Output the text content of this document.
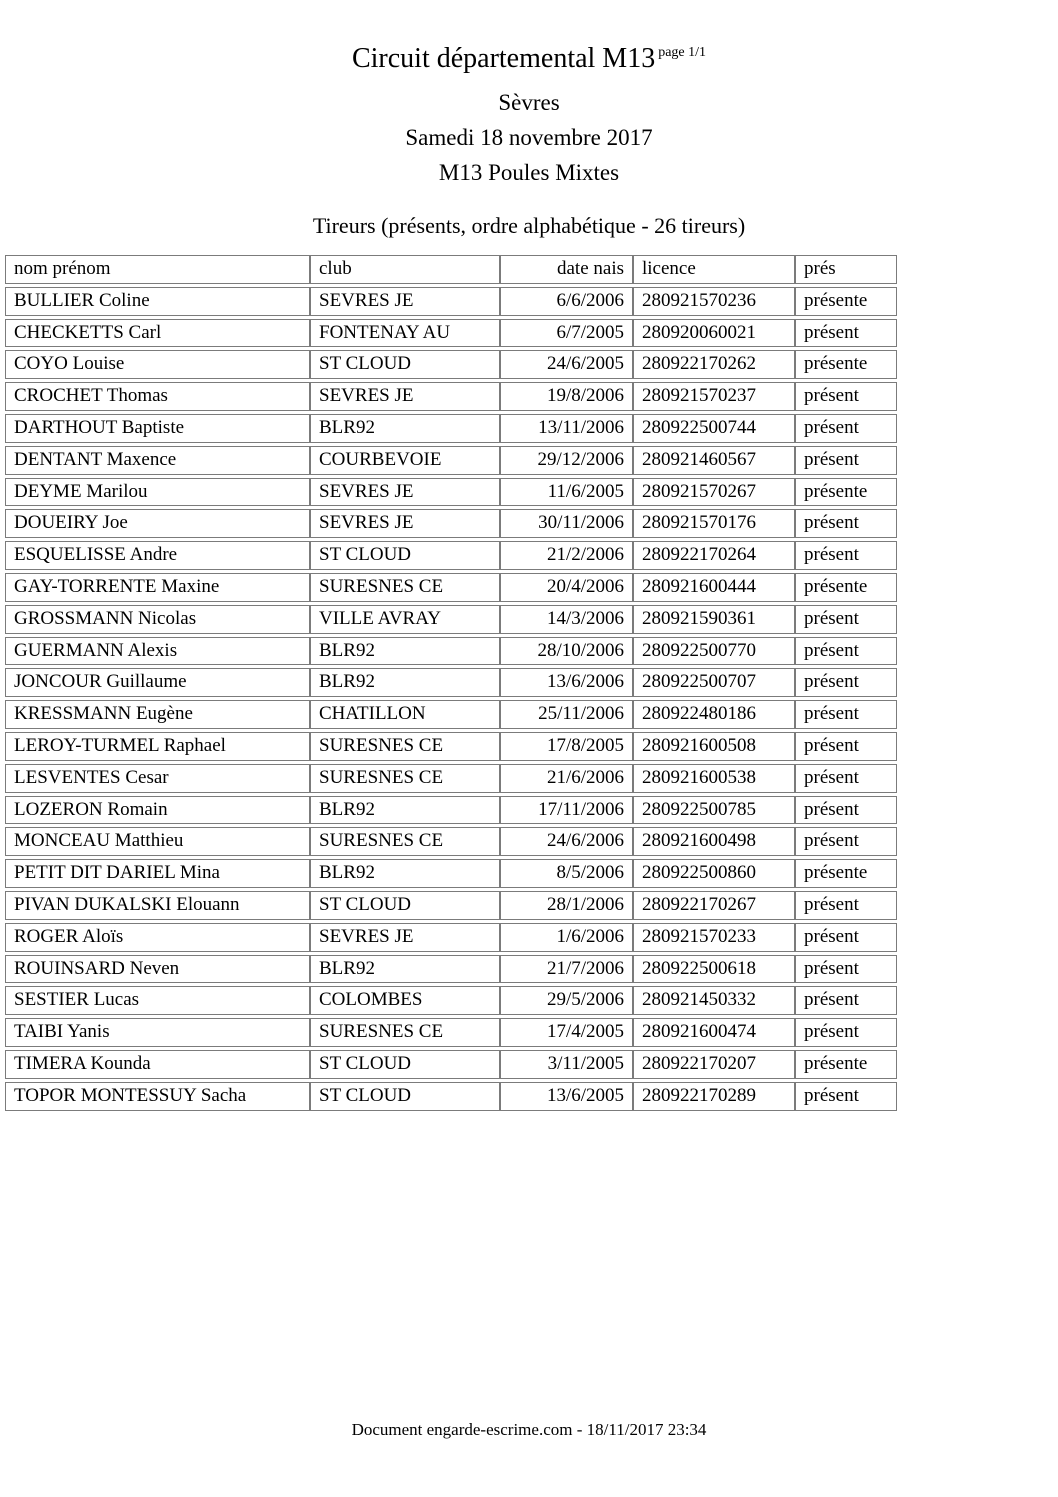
Circuit départemental M13 $^{page 1/1}$
Sèvres
Samedi 18 novembre 2017
M13 Poules Mixtes
Tireurs (présents, ordre alphabétique - 26 tireurs)
nom prénom	club	date nais	licence	prés
BULLIER Coline	SEVRES JE	6/6/2006	280921570236	présente
CHECKETTS Carl	FONTENAY AU	6/7/2005	280920060021	présent
COYO Louise	ST CLOUD	24/6/2005	280922170262	présente
CROCHET Thomas	SEVRES JE	19/8/2006	280921570237	présent
DARTHOUT Baptiste	BLR92	13/11/2006	280922500744	présent
DENTANT Maxence	COURBEVOIE	29/12/2006	280921460567	présent
DEYME Marilou	SEVRES JE	11/6/2005	280921570267	présente
DOUEIRY Joe	SEVRES JE	30/11/2006	280921570176	présent
ESQUELISSE Andre	ST CLOUD	21/2/2006	280922170264	présent
GAY-TORRENTE Maxine	SURESNES CE	20/4/2006	280921600444	présente
GROSSMANN Nicolas	VILLE AVRAY	14/3/2006	280921590361	présent
GUERMANN Alexis	BLR92	28/10/2006	280922500770	présent
JONCOUR Guillaume	BLR92	13/6/2006	280922500707	présent
KRESSMANN Eugène	CHATILLON	25/11/2006	280922480186	présent
LEROY-TURMEL Raphael	SURESNES CE	17/8/2005	280921600508	présent
LESVENTES Cesar	SURESNES CE	21/6/2006	280921600538	présent
LOZERON Romain	BLR92	17/11/2006	280922500785	présent
MONCEAU Matthieu	SURESNES CE	24/6/2006	280921600498	présent
PETIT DIT DARIEL Mina	BLR92	8/5/2006	280922500860	présente
PIVAN DUKALSKI Elouann	ST CLOUD	28/1/2006	280922170267	présent
ROGER Aloïs	SEVRES JE	1/6/2006	280921570233	présent
ROUINSARD Neven	BLR92	21/7/2006	280922500618	présent
SESTIER Lucas	COLOMBES	29/5/2006	280921450332	présent
TAIBI Yanis	SURESNES CE	17/4/2005	280921600474	présent
TIMERA Kounda	ST CLOUD	3/11/2005	280922170207	présente
TOPOR MONTESSUY Sacha	ST CLOUD	13/6/2005	280922170289	présent
Document engarde-escrime.com - 18/11/2017 23:34
